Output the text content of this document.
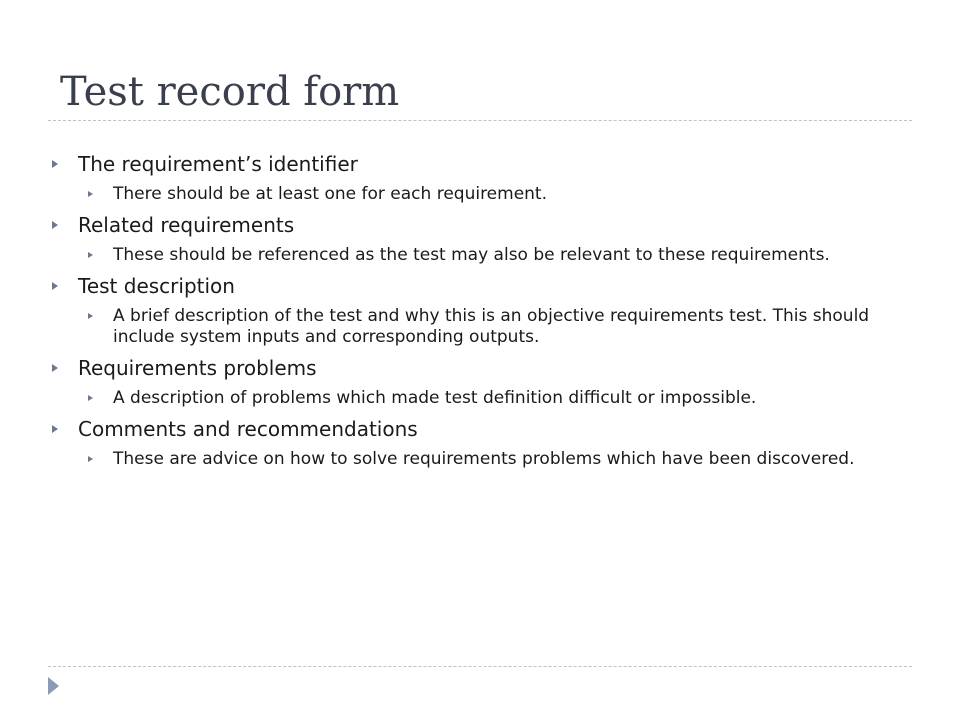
Test record form
The requirement’s identifier
There should be at least one for each requirement.
Related requirements
These should be referenced as the test may also be relevant to these requirements.
Test description
A brief description of the test and why this is an objective requirements test. This should include system inputs and corresponding outputs.
Requirements problems
A description of problems which made test definition difficult or impossible.
Comments and recommendations
These are advice on how to solve requirements problems which have been discovered.
